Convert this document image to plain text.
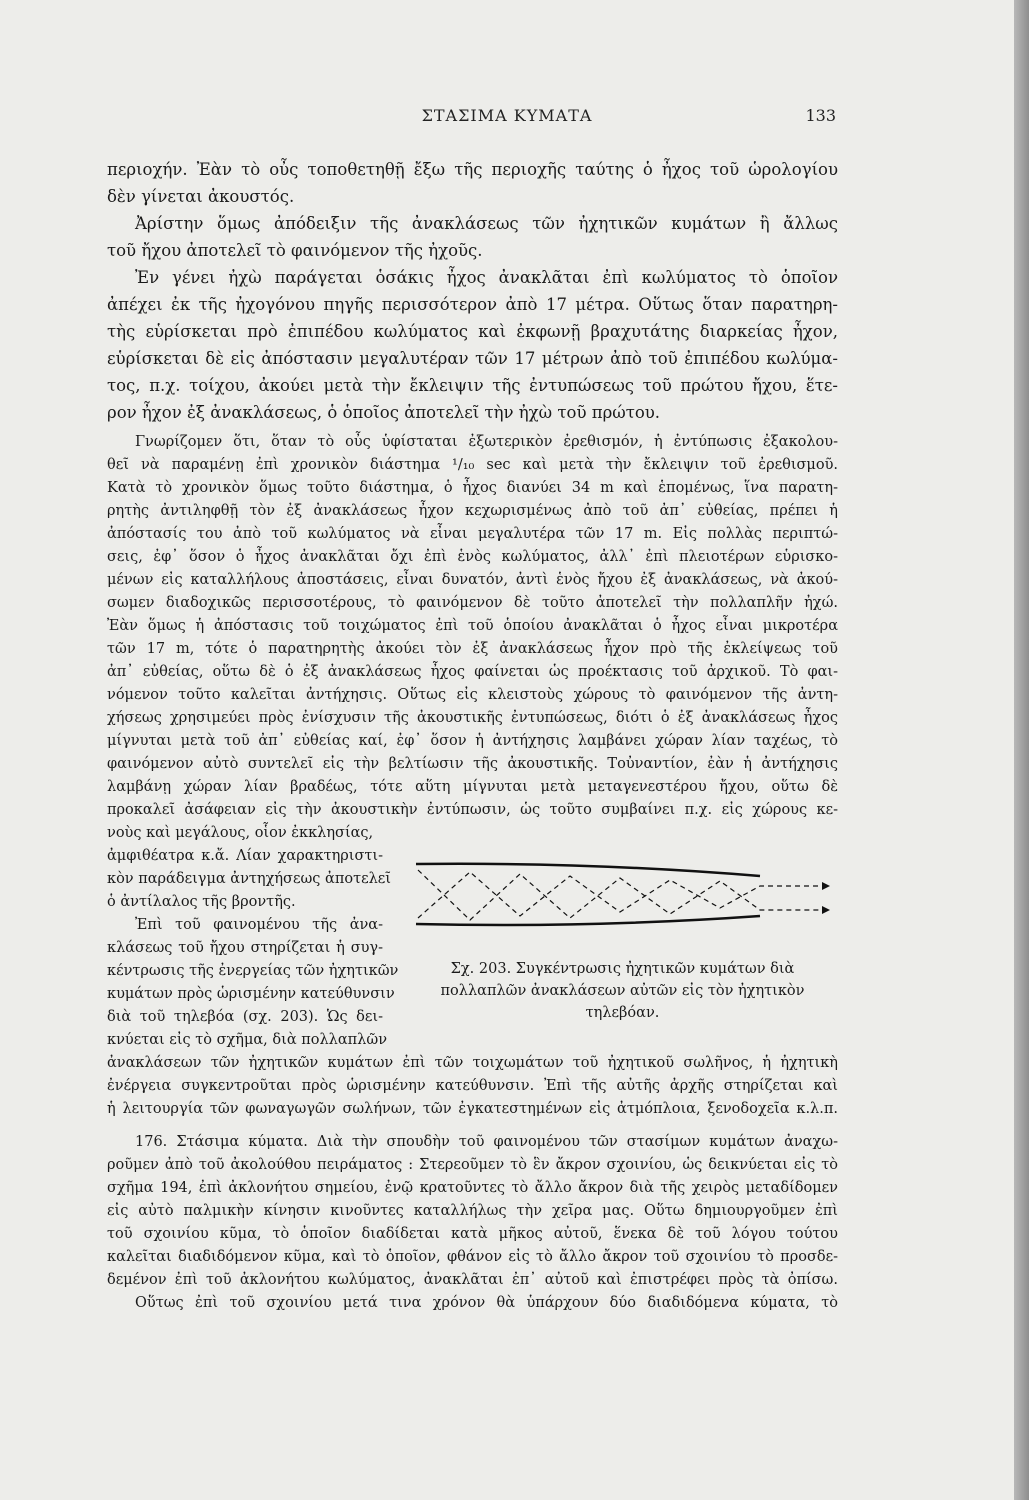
ΣΤΑΣΙΜΑ ΚΥΜΑΤΑ	133
περιοχήν. Ἐὰν τὸ οὖς τοποθετηθῇ ἔξω τῆς περιοχῆς ταύτης ὁ ἦχος τοῦ ὡρολογίου
δὲν γίνεται ἀκουστός.
Ἀρίστην ὅμως ἀπόδειξιν τῆς ἀνακλάσεως τῶν ἠχητικῶν κυμάτων ἢ ἄλλως
τοῦ ἤχου ἀποτελεῖ τὸ φαινόμενον τῆς ἠχοῦς.
Ἐν γένει ἠχὼ παράγεται ὁσάκις ἦχος ἀνακλᾶται ἐπὶ κωλύματος τὸ ὁποῖον
ἀπέχει ἐκ τῆς ἠχογόνου πηγῆς περισσότερον ἀπὸ 17 μέτρα. Οὕτως ὅταν παρατηρη-
τὴς εὑρίσκεται πρὸ ἐπιπέδου κωλύματος καὶ ἐκφωνῇ βραχυτάτης διαρκείας ἦχον,
εὑρίσκεται δὲ εἰς ἀπόστασιν μεγαλυτέραν τῶν 17 μέτρων ἀπὸ τοῦ ἐπιπέδου κωλύμα-
τος, π.χ. τοίχου, ἀκούει μετὰ τὴν ἔκλειψιν τῆς ἐντυπώσεως τοῦ πρώτου ἤχου, ἕτε-
ρον ἦχον ἐξ ἀνακλάσεως, ὁ ὁποῖος ἀποτελεῖ τὴν ἠχὼ τοῦ πρώτου.
Γνωρίζομεν ὅτι, ὅταν τὸ οὖς ὑφίσταται ἐξωτερικὸν ἐρεθισμόν, ἡ ἐντύπωσις ἐξακολου-
θεῖ νὰ παραμένῃ ἐπὶ χρονικὸν διάστημα ¹/₁₀ sec καὶ μετὰ τὴν ἔκλειψιν τοῦ ἐρεθισμοῦ.
Κατὰ τὸ χρονικὸν ὅμως τοῦτο διάστημα, ὁ ἦχος διανύει 34 m καὶ ἑπομένως, ἵνα παρατη-
ρητὴς ἀντιληφθῇ τὸν ἐξ ἀνακλάσεως ἦχον κεχωρισμένως ἀπὸ τοῦ ἀπ᾽ εὐθείας, πρέπει ἡ
ἀπόστασίς του ἀπὸ τοῦ κωλύματος νὰ εἶναι μεγαλυτέρα τῶν 17 m. Εἰς πολλὰς περιπτώ-
σεις, ἐφ᾽ ὅσον ὁ ἦχος ἀνακλᾶται ὄχι ἐπὶ ἑνὸς κωλύματος, ἀλλ᾽ ἐπὶ πλειοτέρων εὑρισκο-
μένων εἰς καταλλήλους ἀποστάσεις, εἶναι δυνατόν, ἀντὶ ἑνὸς ἤχου ἐξ ἀνακλάσεως, νὰ ἀκού-
σωμεν διαδοχικῶς περισσοτέρους, τὸ φαινόμενον δὲ τοῦτο ἀποτελεῖ τὴν πολλαπλῆν ἠχώ.
Ἐὰν ὅμως ἡ ἀπόστασις τοῦ τοιχώματος ἐπὶ τοῦ ὁποίου ἀνακλᾶται ὁ ἦχος εἶναι μικροτέρα
τῶν 17 m, τότε ὁ παρατηρητὴς ἀκούει τὸν ἐξ ἀνακλάσεως ἦχον πρὸ τῆς ἐκλείψεως τοῦ
ἀπ᾽ εὐθείας, οὕτω δὲ ὁ ἐξ ἀνακλάσεως ἦχος φαίνεται ὡς προέκτασις τοῦ ἀρχικοῦ. Τὸ φαι-
νόμενον τοῦτο καλεῖται ἀντήχησις. Οὕτως εἰς κλειστοὺς χώρους τὸ φαινόμενον τῆς ἀντη-
χήσεως χρησιμεύει πρὸς ἐνίσχυσιν τῆς ἀκουστικῆς ἐντυπώσεως, διότι ὁ ἐξ ἀνακλάσεως ἦχος
μίγνυται μετὰ τοῦ ἀπ᾽ εὐθείας καί, ἐφ᾽ ὅσον ἡ ἀντήχησις λαμβάνει χώραν λίαν ταχέως, τὸ
φαινόμενον αὐτὸ συντελεῖ εἰς τὴν βελτίωσιν τῆς ἀκουστικῆς. Τοὐναντίον, ἐὰν ἡ ἀντήχησις
λαμβάνῃ χώραν λίαν βραδέως, τότε αὕτη μίγνυται μετὰ μεταγενεστέρου ἤχου, οὕτω δὲ
προκαλεῖ ἀσάφειαν εἰς τὴν ἀκουστικὴν ἐντύπωσιν, ὡς τοῦτο συμβαίνει π.χ. εἰς χώρους κε-
νοὺς καὶ μεγάλους, οἷον ἐκκλησίας,
ἀμφιθέατρα κ.ἄ. Λίαν χαρακτηριστι-
κὸν παράδειγμα ἀντηχήσεως ἀποτελεῖ
ὁ ἀντίλαλος τῆς βροντῆς.
Ἐπὶ τοῦ φαινομένου τῆς ἀνα-
κλάσεως τοῦ ἤχου στηρίζεται ἡ συγ-
κέντρωσις τῆς ἐνεργείας τῶν ἠχητικῶν
κυμάτων πρὸς ὡρισμένην κατεύθυνσιν
διὰ τοῦ τηλεβόα (σχ. 203). Ὡς δει-
κνύεται εἰς τὸ σχῆμα, διὰ πολλαπλῶν
ἀνακλάσεων τῶν ἠχητικῶν κυμάτων ἐπὶ τῶν τοιχωμάτων τοῦ ἠχητικοῦ σωλῆνος, ἡ ἠχητικὴ
ἐνέργεια συγκεντροῦται πρὸς ὡρισμένην κατεύθυνσιν. Ἐπὶ τῆς αὐτῆς ἀρχῆς στηρίζεται καὶ
ἡ λειτουργία τῶν φωναγωγῶν σωλήνων, τῶν ἐγκατεστημένων εἰς ἀτμόπλοια, ξενοδοχεῖα κ.λ.π.
176. Στάσιμα κύματα. Διὰ τὴν σπουδὴν τοῦ φαινομένου τῶν στασίμων κυμάτων ἀναχω-
ροῦμεν ἀπὸ τοῦ ἀκολούθου πειράματος : Στερεοῦμεν τὸ ἓν ἄκρον σχοινίου, ὡς δεικνύεται εἰς τὸ
σχῆμα 194, ἐπὶ ἀκλονήτου σημείου, ἐνῷ κρατοῦντες τὸ ἄλλο ἄκρον διὰ τῆς χειρὸς μεταδίδομεν
εἰς αὐτὸ παλμικὴν κίνησιν κινοῦντες καταλλήλως τὴν χεῖρα μας. Οὕτω δημιουργοῦμεν ἐπὶ
τοῦ σχοινίου κῦμα, τὸ ὁποῖον διαδίδεται κατὰ μῆκος αὐτοῦ, ἕνεκα δὲ τοῦ λόγου τούτου
καλεῖται διαδιδόμενον κῦμα, καὶ τὸ ὁποῖον, φθάνον εἰς τὸ ἄλλο ἄκρον τοῦ σχοινίου τὸ προσδε-
δεμένον ἐπὶ τοῦ ἀκλονήτου κωλύματος, ἀνακλᾶται ἐπ᾽ αὐτοῦ καὶ ἐπιστρέφει πρὸς τὰ ὀπίσω.
Οὕτως ἐπὶ τοῦ σχοινίου μετά τινα χρόνον θὰ ὑπάρχουν δύο διαδιδόμενα κύματα, τὸ
Σχ. 203. Συγκέντρωσις ἠχητικῶν κυμάτων διὰ
πολλαπλῶν ἀνακλάσεων αὐτῶν εἰς τὸν ἠχητικὸν
τηλεβόαν.
